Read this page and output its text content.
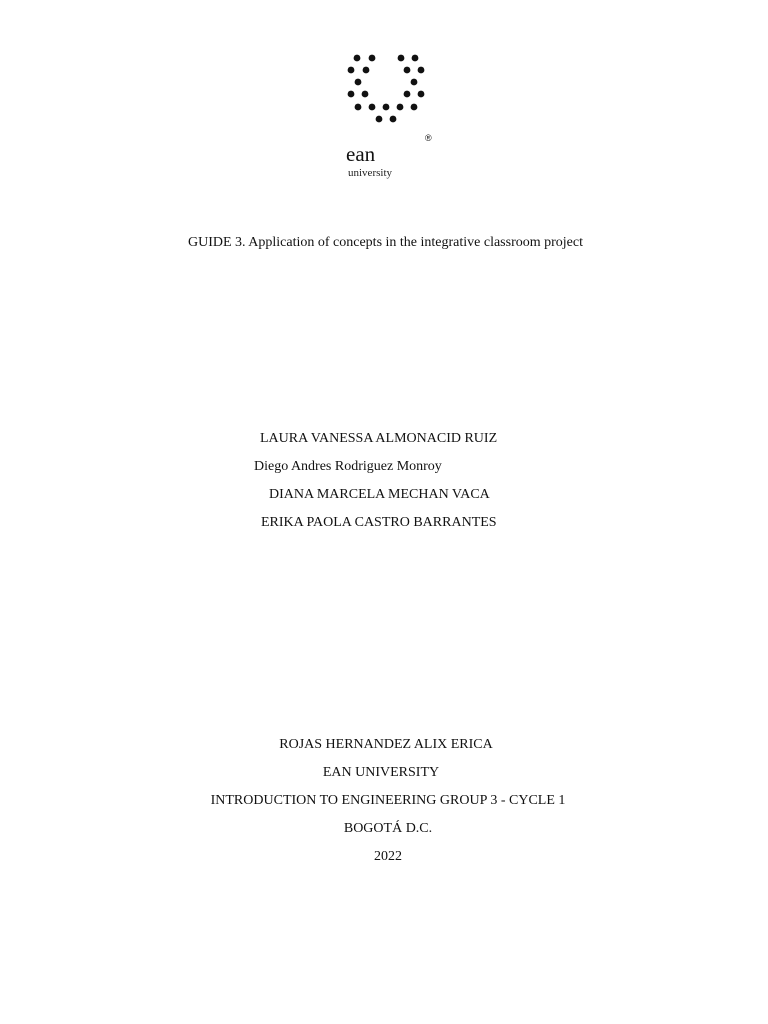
ean
university
®
GUIDE 3. Application of concepts in the integrative classroom project
LAURA VANESSA ALMONACID RUIZ
Diego Andres Rodriguez Monroy
DIANA MARCELA MECHAN VACA
ERIKA PAOLA CASTRO BARRANTES
ROJAS HERNANDEZ ALIX ERICA
EAN UNIVERSITY
INTRODUCTION TO ENGINEERING GROUP 3 - CYCLE 1
BOGOTÁ D.C.
2022
